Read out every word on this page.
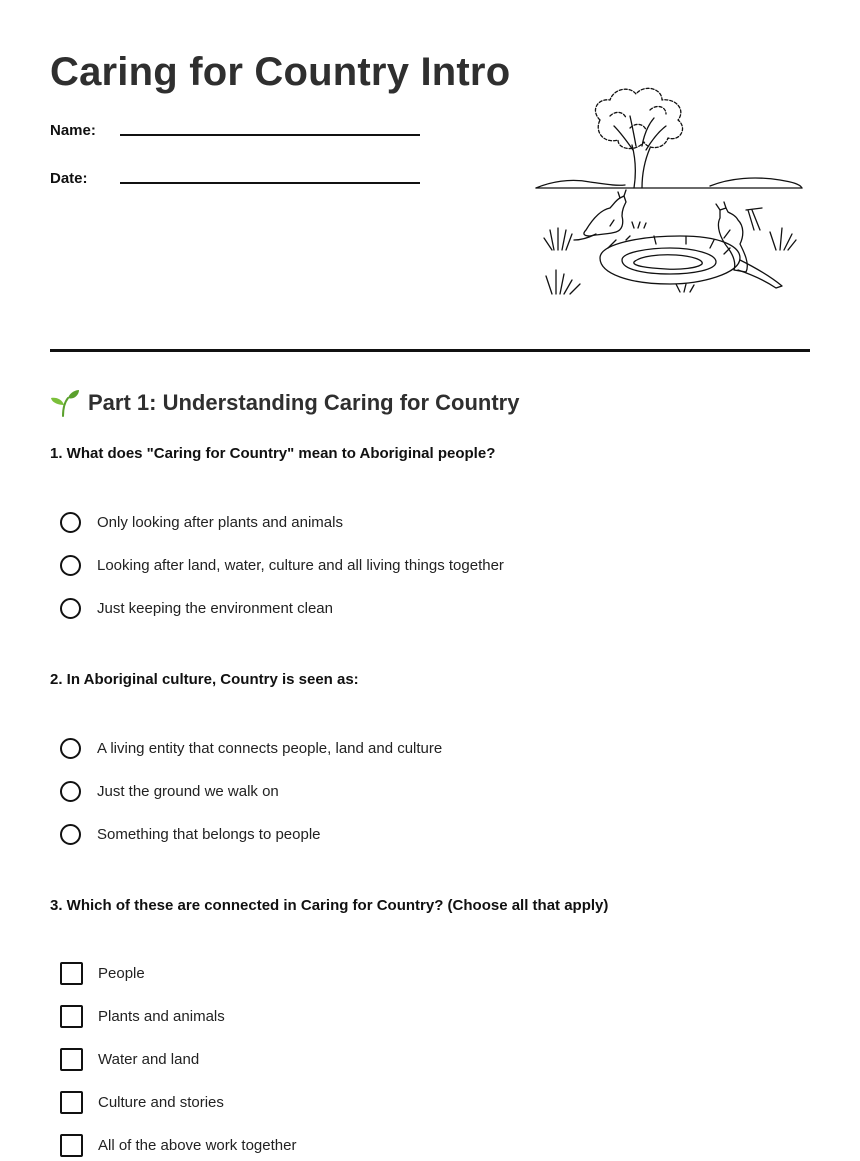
Caring for Country Intro
Name:
Date:
Part 1: Understanding Caring for Country

1. What does "Caring for Country" mean to Aboriginal people?

Only looking after plants and animals
Looking after land, water, culture and all living things together
Just keeping the environment clean

2. In Aboriginal culture, Country is seen as:

A living entity that connects people, land and culture
Just the ground we walk on
Something that belongs to people

3. Which of these are connected in Caring for Country? (Choose all that apply)

People
Plants and animals
Water and land
Culture and stories
All of the above work together
